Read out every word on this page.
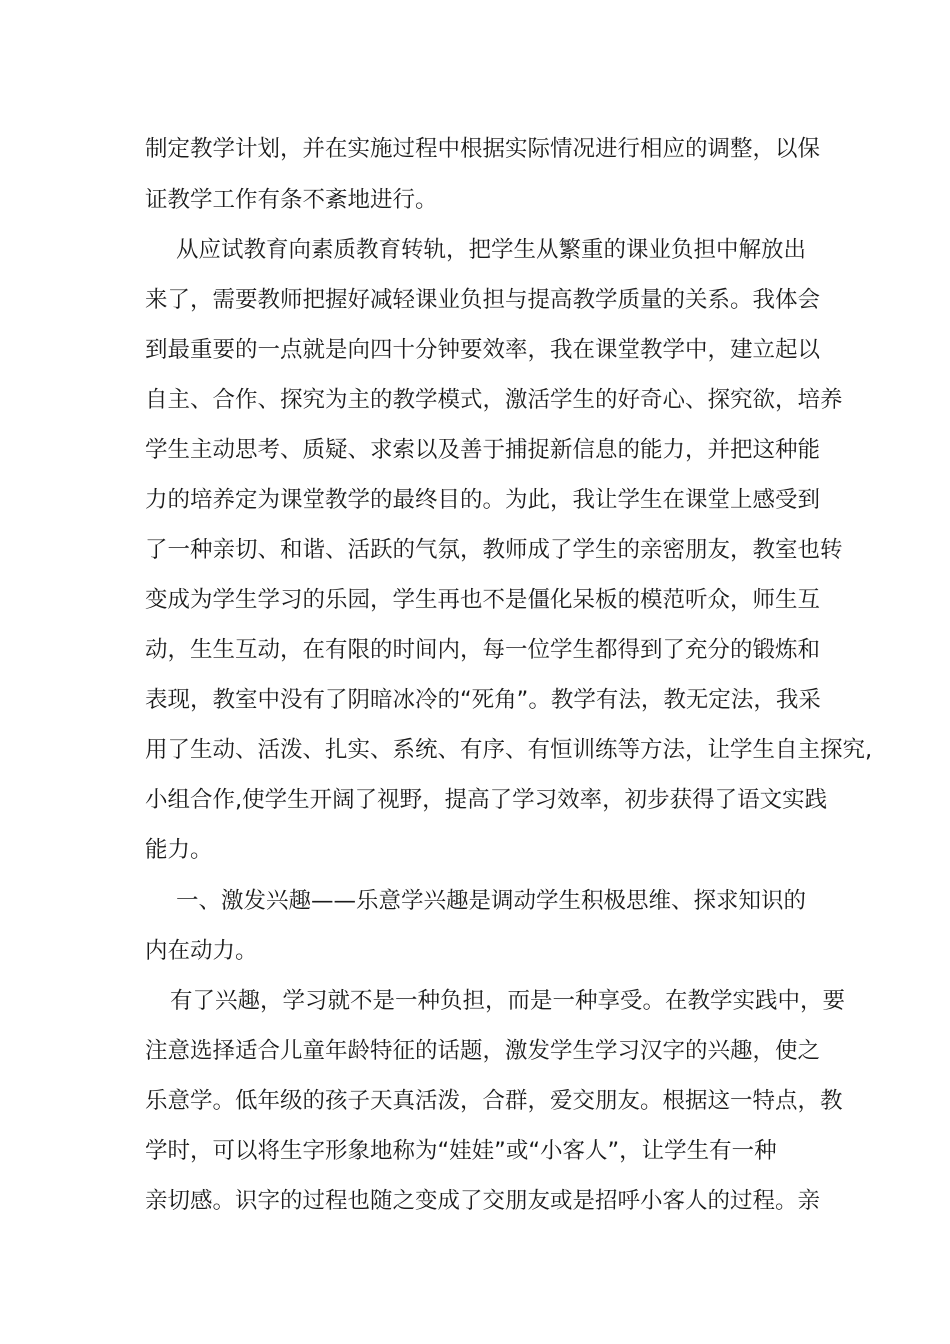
制定教学计划，并在实施过程中根据实际情况进行相应的调整，以保
证教学工作有条不紊地进行。
从应试教育向素质教育转轨，把学生从繁重的课业负担中解放出
来了，需要教师把握好减轻课业负担与提高教学质量的关系。我体会
到最重要的一点就是向四十分钟要效率，我在课堂教学中，建立起以
自主、合作、探究为主的教学模式，激活学生的好奇心、探究欲，培养
学生主动思考、质疑、求索以及善于捕捉新信息的能力，并把这种能
力的培养定为课堂教学的最终目的。为此，我让学生在课堂上感受到
了一种亲切、和谐、活跃的气氛，教师成了学生的亲密朋友，教室也转
变成为学生学习的乐园，学生再也不是僵化呆板的模范听众，师生互
动，生生互动，在有限的时间内，每一位学生都得到了充分的锻炼和
表现，教室中没有了阴暗冰冷的“死角”。教学有法，教无定法，我采
用了生动、活泼、扎实、系统、有序、有恒训练等方法，让学生自主探究,
小组合作,使学生开阔了视野，提高了学习效率，初步获得了语文实践
能力。
一、激发兴趣——乐意学兴趣是调动学生积极思维、探求知识的
内在动力。
有了兴趣，学习就不是一种负担，而是一种享受。在教学实践中，要
注意选择适合儿童年龄特征的话题，激发学生学习汉字的兴趣，使之
乐意学。低年级的孩子天真活泼，合群，爱交朋友。根据这一特点，教
学时，可以将生字形象地称为“娃娃”或“小客人”，让学生有一种
亲切感。识字的过程也随之变成了交朋友或是招呼小客人的过程。亲
